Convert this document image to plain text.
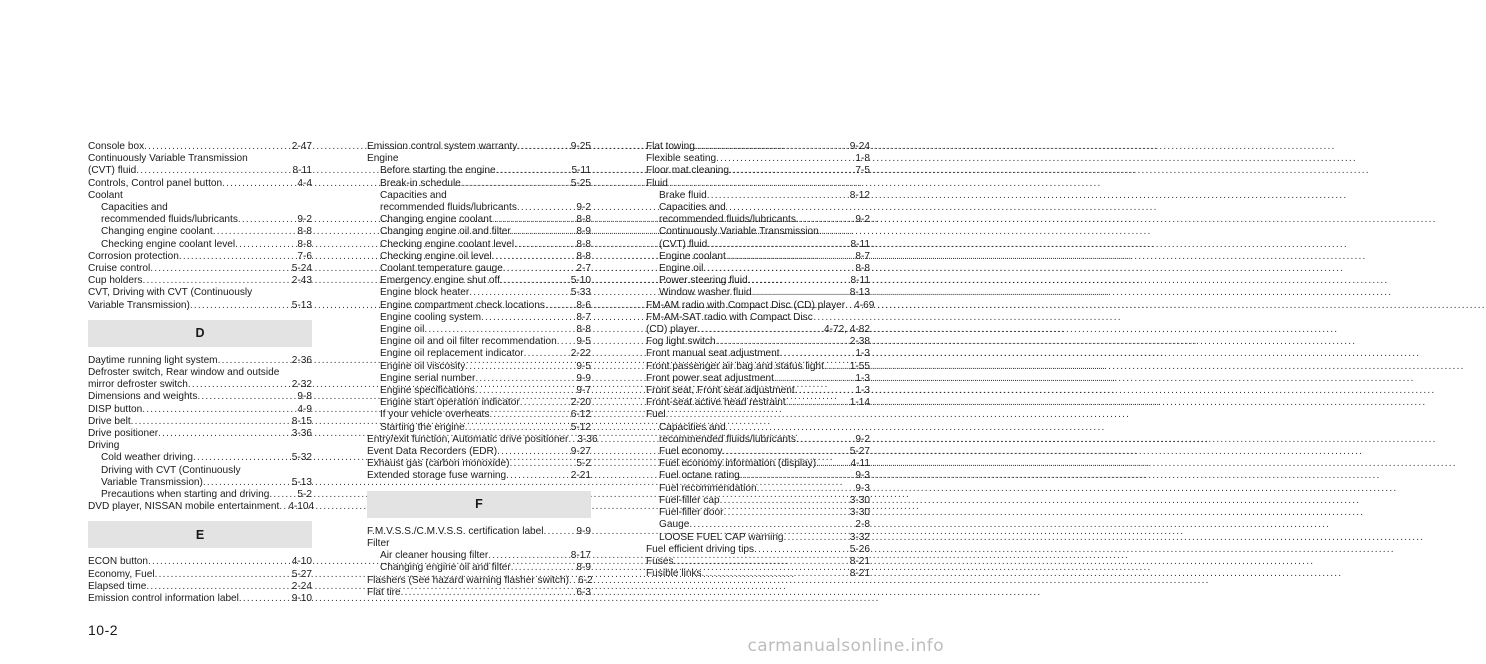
Console box .....	2-47
Continuously Variable Transmission
(CVT) fluid .....	8-11
Controls, Control panel button .....	4-4
Coolant
Capacities and
recommended fluids/lubricants .....	9-2
Changing engine coolant .....	8-8
Checking engine coolant level .....	8-8
Corrosion protection .....	7-6
Cruise control .....	5-24
Cup holders .....	2-43
CVT, Driving with CVT (Continuously
Variable Transmission) .....	5-13
D
Daytime running light system .....	2-36
Defroster switch, Rear window and outside
mirror defroster switch .....	2-32
Dimensions and weights .....	9-8
DISP button .....	4-9
Drive belt .....	8-15
Drive positioner .....	3-36
Driving
Cold weather driving .....	5-32
Driving with CVT (Continuously
Variable Transmission) .....	5-13
Precautions when starting and driving .....	5-2
DVD player, NISSAN mobile entertainment ..... 4-104
E
ECON button .....	4-10
Economy, Fuel .....	5-27
Elapsed time .....	2-24
Emission control information label .....	9-10
Emission control system warranty .....	9-25
Engine
Before starting the engine .....	5-11
Break-in schedule .....	5-25
Capacities and
recommended fluids/lubricants .....	9-2
Changing engine coolant .....	8-8
Changing engine oil and filter .....	8-9
Checking engine coolant level .....	8-8
Checking engine oil level .....	8-8
Coolant temperature gauge .....	2-7
Emergency engine shut off .....	5-10
Engine block heater .....	5-33
Engine compartment check locations .....	8-6
Engine cooling system .....	8-7
Engine oil .....	8-8
Engine oil and oil filter recommendation ..... 9-5
Engine oil replacement indicator .....	2-22
Engine oil viscosity .....	9-5
Engine serial number .....	9-9
Engine specifications .....	9-7
Engine start operation indicator .....	2-20
If your vehicle overheats .....	6-12
Starting the engine .....	5-12
Entry/exit function, Automatic drive positioner ..... 3-36
Event Data Recorders (EDR) .....	9-27
Exhaust gas (carbon monoxide) .....	5-2
Extended storage fuse warning .....	2-21
F
F.M.V.S.S./C.M.V.S.S. certification label .....	9-9
Filter
Air cleaner housing filter .....	8-17
Changing engine oil and filter .....	8-9
Flashers (See hazard warning flasher switch) ..... 6-2
Flat tire .....	6-3
Flat towing .....	9-24
Flexible seating .....	1-8
Floor mat cleaning .....	7-5
Fluid
Brake fluid .....	8-12
Capacities and
recommended fluids/lubricants .....	9-2
Continuously Variable Transmission
(CVT) fluid .....	8-11
Engine coolant .....	8-7
Engine oil .....	8-8
Power steering fluid .....	8-11
Window washer fluid .....	8-13
FM-AM radio with Compact Disc (CD) player ..... 4-69
FM-AM-SAT radio with Compact Disc
(CD) player .....	4-72, 4-82
Fog light switch .....	2-38
Front manual seat adjustment .....	1-3
Front passenger air bag and status light .....	1-55
Front power seat adjustment .....	1-3
Front seat, Front seat adjustment .....	1-3
Front-seat active head restraint .....	1-14
Fuel
Capacities and
recommended fluids/lubricants .....	9-2
Fuel economy .....	5-27
Fuel economy information (display) .....	4-11
Fuel octane rating .....	9-3
Fuel recommendation .....	9-3
Fuel-filler cap .....	3-30
Fuel-filler door .....	3-30
Gauge .....	2-8
LOOSE FUEL CAP warning .....	3-32
Fuel efficient driving tips .....	5-26
Fuses .....	8-21
Fusible links .....	8-21
10-2
carmanualsonline.info
